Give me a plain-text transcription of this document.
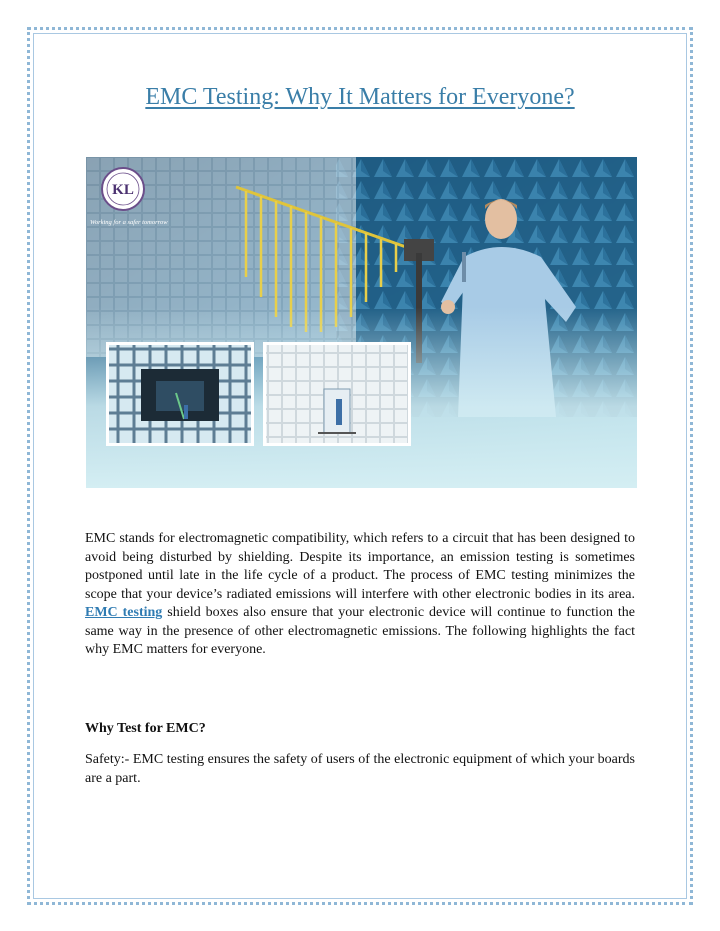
EMC Testing: Why It Matters for Everyone?
KL
Working for a safer tomorrow

EMC stands for electromagnetic compatibility, which refers to a circuit that has been designed to avoid being disturbed by shielding. Despite its importance, an emission testing is sometimes postponed until late in the life cycle of a product. The process of EMC testing minimizes the scope that your device’s radiated emissions will interfere with other electronic bodies in its area. EMC testing shield boxes also ensure that your electronic device will continue to function the same way in the presence of other electromagnetic emissions. The following highlights the fact why EMC matters for everyone.

Why Test for EMC?

Safety:- EMC testing ensures the safety of users of the electronic equipment of which your boards are a part.
